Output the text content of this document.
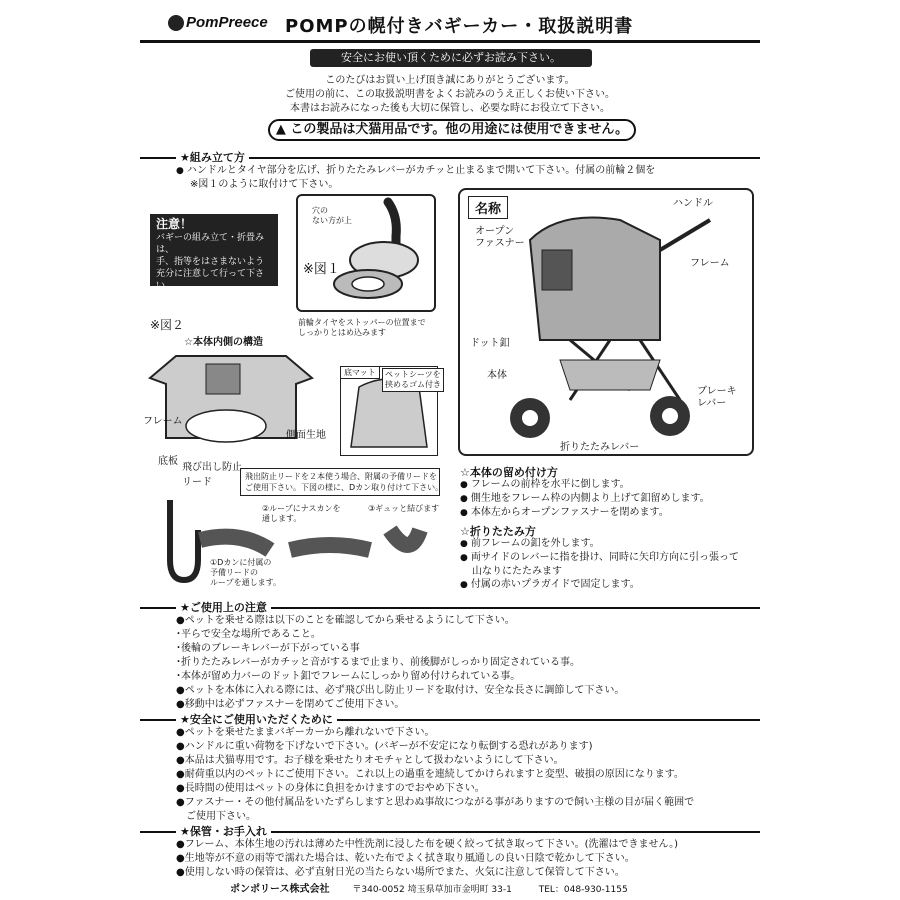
PomPreece POMPの幌付きバギーカー・取扱説明書
安全にお使い頂くために必ずお読み下さい。
このたびはお買い上げ頂き誠にありがとうございます。
ご使用の前に、この取扱説明書をよくお読みのうえ正しくお使い下さい。
本書はお読みになった後も大切に保管し、必要な時にお役立て下さい。
▲ この製品は犬猫用品です。他の用途には使用できません。
★組み立て方
● ハンドルとタイヤ部分を広げ、折りたたみレバーがカチッと止まるまで開いて下さい。付属の前輪２個を
※図１のように取付けて下さい。
注意！
バギーの組み立て・折畳みは、
手、指等をはさまないよう
充分に注意して行って下さい。
穴の
ない方が上
※図１
前輪タイヤをストッパーの位置まで
しっかりとはめ込みます
※図２
☆本体内側の構造
フレーム
側面生地
底板
飛び出し防止
リード
底マット	ペットシーツを
挟めるゴム付き
飛出防止リードを２本使う場合、附属の予備リードを
ご使用下さい。下図の様に、Dカン取り付けて下さい。
①Dカンに付属の
予備リードの
ループを通します。
②ループにナスカンを
通します。
③ギュッと結びます
名称	ハンドル
オープン
ファスナー
フレーム
ドット釦
本体
ブレーキ
レバー
折りたたみレバー
☆本体の留め付け方
● フレームの前枠を水平に倒します。
● 側生地をフレーム枠の内側より上げて釦留めします。
● 本体左からオープンファスナーを閉めます。
☆折りたたみ方
● 前フレームの釦を外します。
● 両サイドのレバーに指を掛け、同時に矢印方向に引っ張って
山なりにたたみます
● 付属の赤いプラガイドで固定します。
★ご使用上の注意
●ペットを乗せる際は以下のことを確認してから乗せるようにして下さい。
･平らで安全な場所であること。
･後輪のブレーキレバーが下がっている事
･折りたたみレバーがカチッと音がするまで止まり、前後脚がしっかり固定されている事。
･本体が留め力バーのドット釦でフレームにしっかり留め付けられている事。
●ペットを本体に入れる際には、必ず飛び出し防止リードを取付け、安全な長さに調節して下さい。
●移動中は必ずファスナーを閉めてご使用下さい。
★安全にご使用いただくために
●ペットを乗せたままバギーカーから離れないで下さい。
●ハンドルに重い荷物を下げないで下さい。(バギーが不安定になり転倒する恐れがあります)
●本品は犬猫専用です。お子様を乗せたりオモチャとして扱わないようにして下さい。
●耐荷重以内のペットにご使用下さい。これ以上の過重を連続してかけられますと変型、破損の原因になります。
●長時間の使用はペットの身体に負担をかけますのでおやめ下さい。
●ファスナー・その他付属品をいたずらしますと思わぬ事故につながる事がありますので飼い主様の目が届く範囲で
　ご使用下さい。
★保管・お手入れ
●フレーム、本体生地の汚れは薄めた中性洗剤に浸した布を硬く絞って拭き取って下さい。(洗濯はできません。)
●生地等が不意の雨等で濡れた場合は、乾いた布でよく拭き取り風通しの良い日陰で乾かして下さい。
●使用しない時の保管は、必ず直射日光の当たらない場所でまた、火気に注意して保管して下さい。
ポンポリース株式会社	〒340-0052 埼玉県草加市金明町 33-1	TEL：048-930-1155
